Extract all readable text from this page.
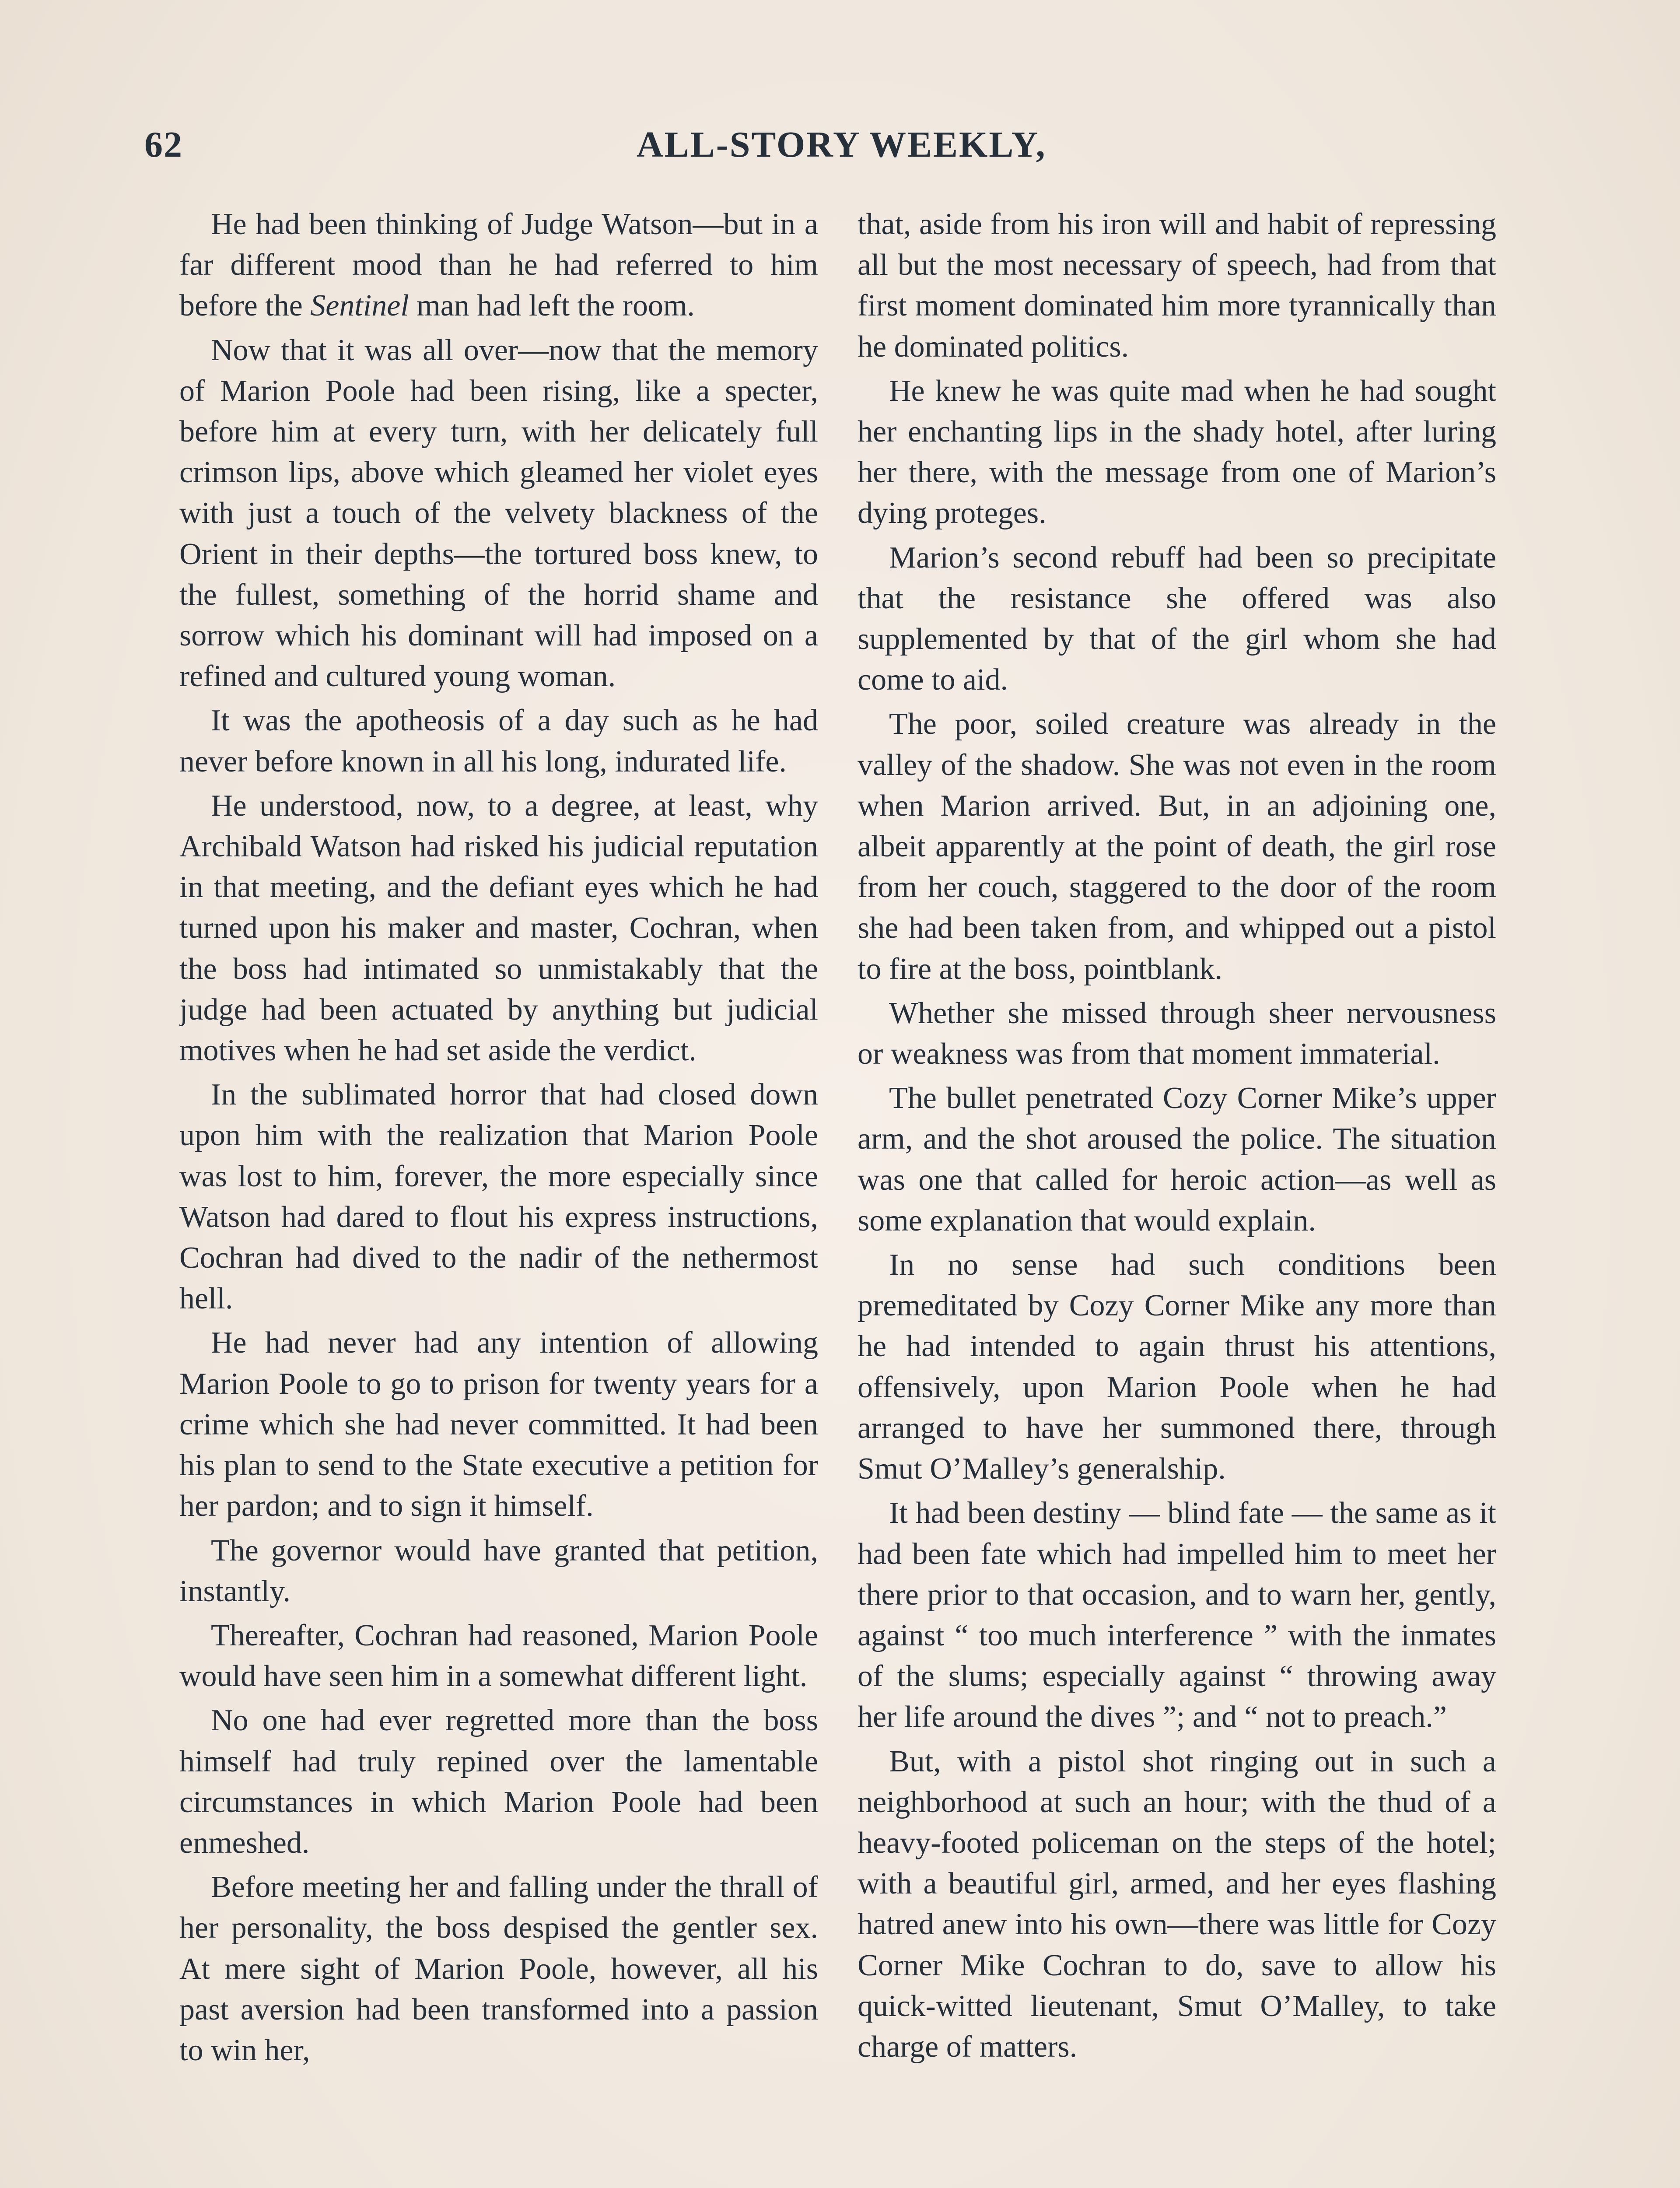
62	ALL-STORY WEEKLY,

He had been thinking of Judge Watson—but in a far different mood than he had referred to him before the Sentinel man had left the room.

Now that it was all over—now that the memory of Marion Poole had been rising, like a specter, before him at every turn, with her delicately full crimson lips, above which gleamed her violet eyes with just a touch of the velvety blackness of the Orient in their depths—the tortured boss knew, to the fullest, something of the horrid shame and sorrow which his dominant will had imposed on a refined and cultured young woman.

It was the apotheosis of a day such as he had never before known in all his long, indurated life.

He understood, now, to a degree, at least, why Archibald Watson had risked his judicial reputation in that meeting, and the defiant eyes which he had turned upon his maker and master, Cochran, when the boss had intimated so unmistakably that the judge had been actuated by anything but judicial motives when he had set aside the verdict.

In the sublimated horror that had closed down upon him with the realization that Marion Poole was lost to him, forever, the more especially since Watson had dared to flout his express instructions, Cochran had dived to the nadir of the nethermost hell.

He had never had any intention of allowing Marion Poole to go to prison for twenty years for a crime which she had never committed. It had been his plan to send to the State executive a petition for her pardon; and to sign it himself.

The governor would have granted that petition, instantly.

Thereafter, Cochran had reasoned, Marion Poole would have seen him in a somewhat different light.

No one had ever regretted more than the boss himself had truly repined over the lamentable circumstances in which Marion Poole had been enmeshed.

Before meeting her and falling under the thrall of her personality, the boss despised the gentler sex. At mere sight of Marion Poole, however, all his past aversion had been transformed into a passion to win her,

that, aside from his iron will and habit of repressing all but the most necessary of speech, had from that first moment dominated him more tyrannically than he dominated politics.

He knew he was quite mad when he had sought her enchanting lips in the shady hotel, after luring her there, with the message from one of Marion’s dying proteges.

Marion’s second rebuff had been so precipitate that the resistance she offered was also supplemented by that of the girl whom she had come to aid.

The poor, soiled creature was already in the valley of the shadow. She was not even in the room when Marion arrived. But, in an adjoining one, albeit apparently at the point of death, the girl rose from her couch, staggered to the door of the room she had been taken from, and whipped out a pistol to fire at the boss, pointblank.

Whether she missed through sheer nervousness or weakness was from that moment immaterial.

The bullet penetrated Cozy Corner Mike’s upper arm, and the shot aroused the police. The situation was one that called for heroic action—as well as some explanation that would explain.

In no sense had such conditions been premeditated by Cozy Corner Mike any more than he had intended to again thrust his attentions, offensively, upon Marion Poole when he had arranged to have her summoned there, through Smut O’Malley’s generalship.

It had been destiny — blind fate — the same as it had been fate which had impelled him to meet her there prior to that occasion, and to warn her, gently, against “ too much interference ” with the inmates of the slums; especially against “ throwing away her life around the dives ”; and “ not to preach.”

But, with a pistol shot ringing out in such a neighborhood at such an hour; with the thud of a heavy-footed policeman on the steps of the hotel; with a beautiful girl, armed, and her eyes flashing hatred anew into his own—there was little for Cozy Corner Mike Cochran to do, save to allow his quick-witted lieutenant, Smut O’Malley, to take charge of matters.
